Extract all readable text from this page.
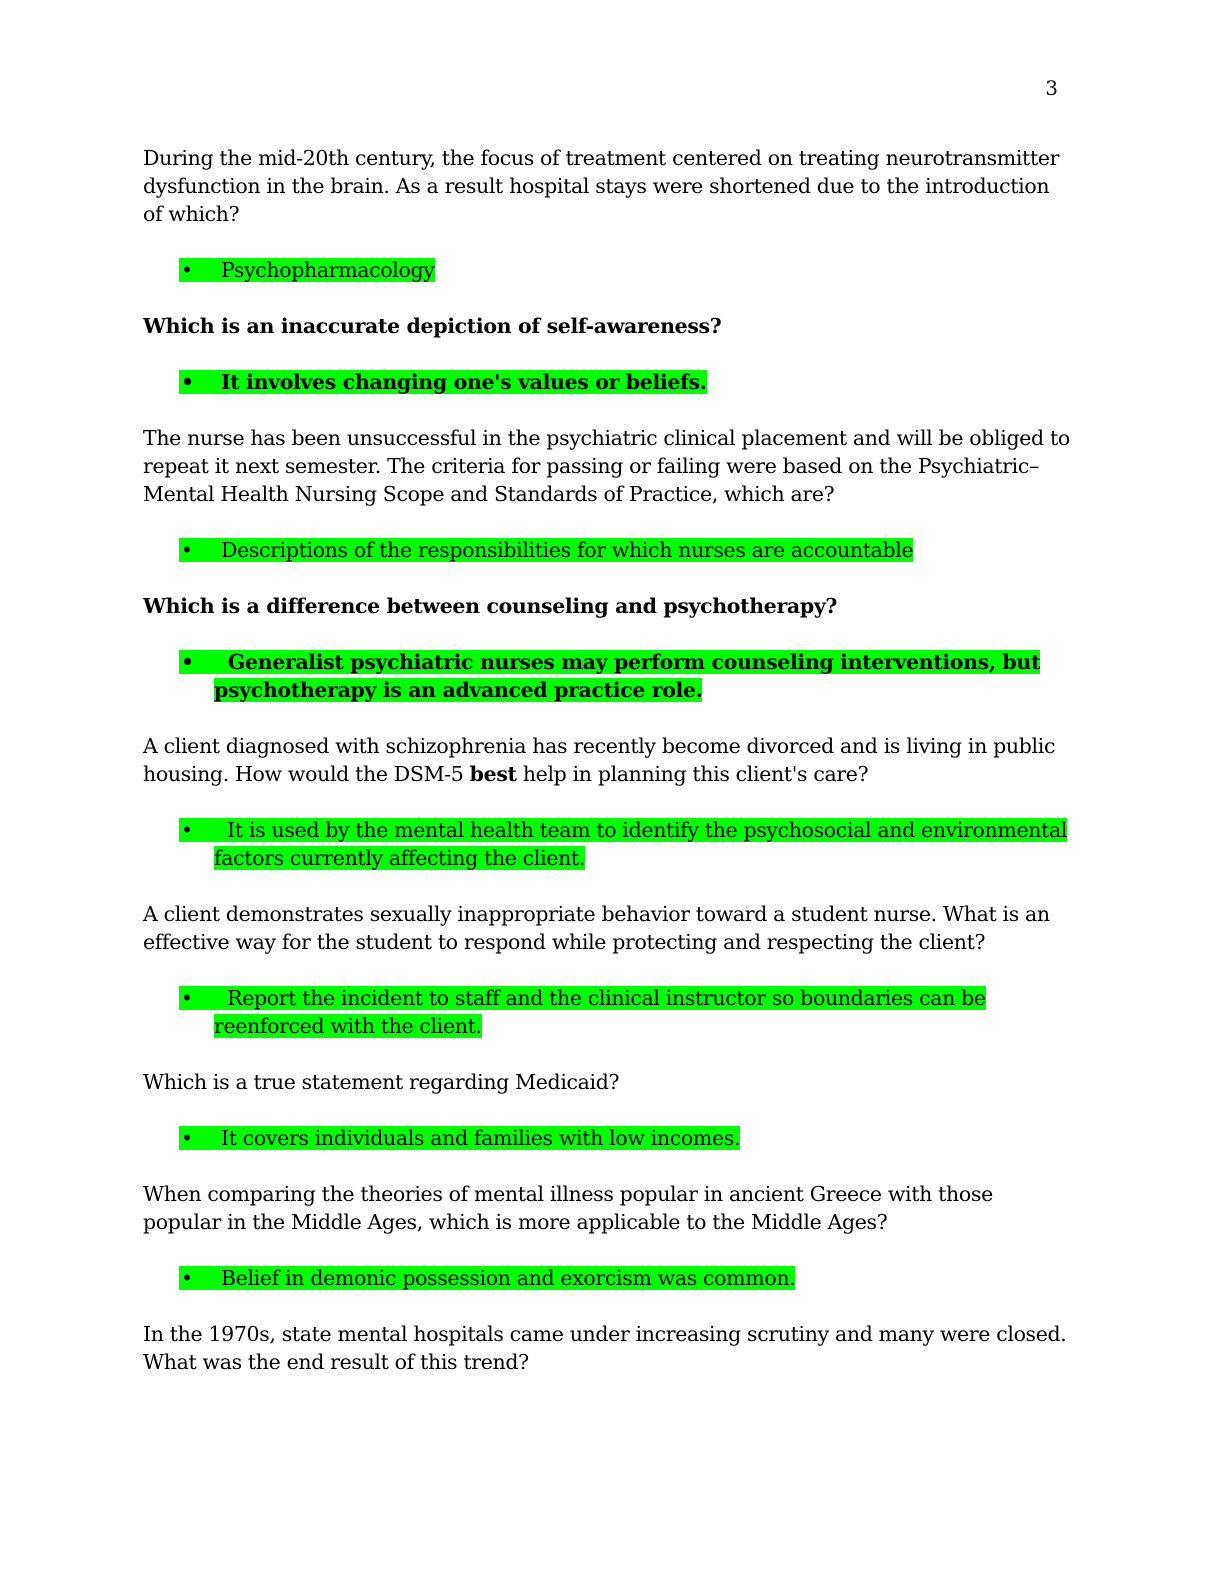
3

During the mid-20th century, the focus of treatment centered on treating neurotransmitter dysfunction in the brain. As a result hospital stays were shortened due to the introduction of which?

• Psychopharmacology

Which is an inaccurate depiction of self-awareness?

• It involves changing one's values or beliefs.

The nurse has been unsuccessful in the psychiatric clinical placement and will be obliged to repeat it next semester. The criteria for passing or failing were based on the Psychiatric–Mental Health Nursing Scope and Standards of Practice, which are?

• Descriptions of the responsibilities for which nurses are accountable

Which is a difference between counseling and psychotherapy?

• Generalist psychiatric nurses may perform counseling interventions, but
psychotherapy is an advanced practice role.

A client diagnosed with schizophrenia has recently become divorced and is living in public housing. How would the DSM-5 best help in planning this client's care?

• It is used by the mental health team to identify the psychosocial and environmental
factors currently affecting the client.

A client demonstrates sexually inappropriate behavior toward a student nurse. What is an effective way for the student to respond while protecting and respecting the client?

• Report the incident to staff and the clinical instructor so boundaries can be
reenforced with the client.

Which is a true statement regarding Medicaid?

• It covers individuals and families with low incomes.

When comparing the theories of mental illness popular in ancient Greece with those popular in the Middle Ages, which is more applicable to the Middle Ages?

• Belief in demonic possession and exorcism was common.

In the 1970s, state mental hospitals came under increasing scrutiny and many were closed. What was the end result of this trend?
